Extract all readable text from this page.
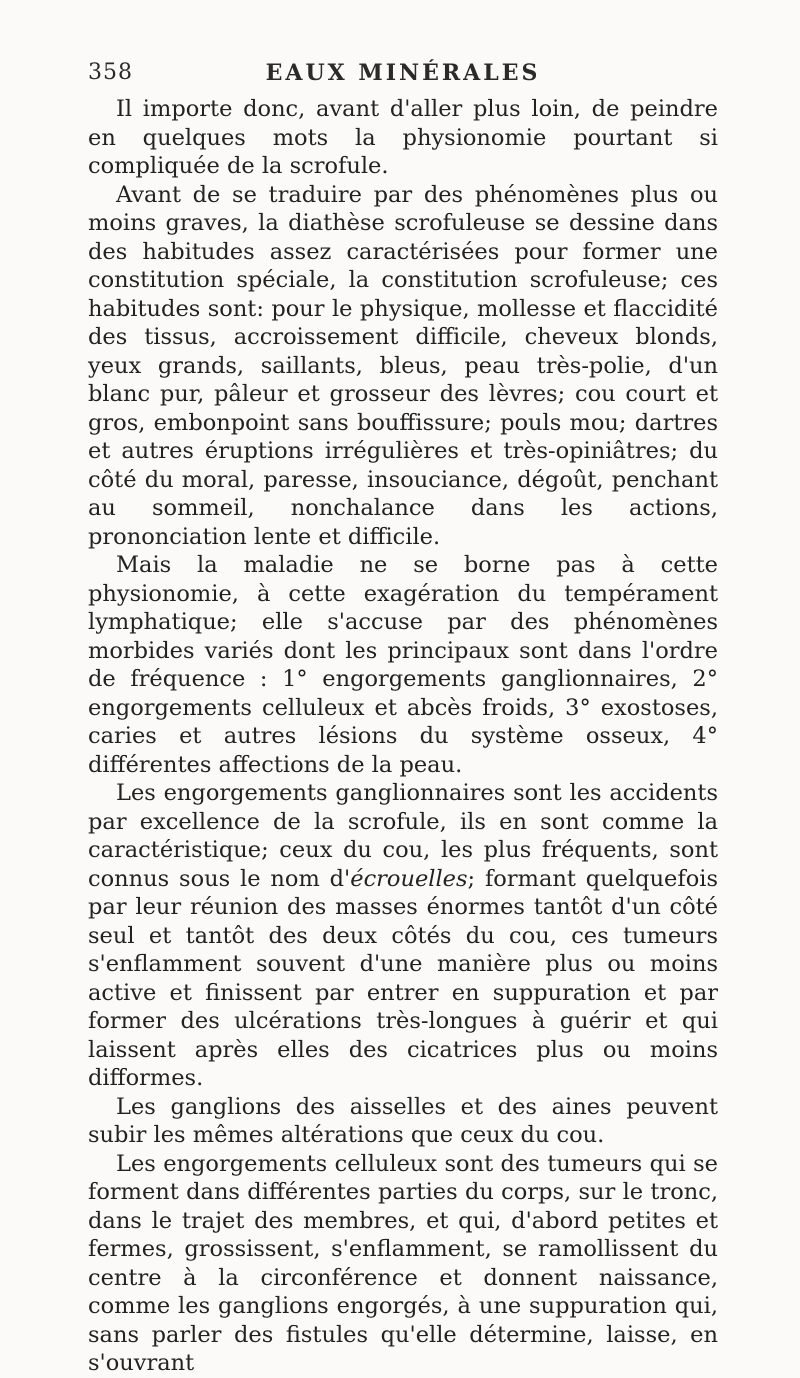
358	EAUX MINÉRALES

Il importe donc, avant d'aller plus loin, de peindre en quelques mots la physionomie pourtant si compliquée de la scrofule.

Avant de se traduire par des phénomènes plus ou moins graves, la diathèse scrofuleuse se dessine dans des habitudes assez caractérisées pour former une constitution spéciale, la constitution scrofuleuse; ces habitudes sont: pour le physique, mollesse et flaccidité des tissus, accroissement difficile, cheveux blonds, yeux grands, saillants, bleus, peau très-polie, d'un blanc pur, pâleur et grosseur des lèvres; cou court et gros, embonpoint sans bouffissure; pouls mou; dartres et autres éruptions irrégulières et très-opiniâtres; du côté du moral, paresse, insouciance, dégoût, penchant au sommeil, nonchalance dans les actions, prononciation lente et difficile.

Mais la maladie ne se borne pas à cette physionomie, à cette exagération du tempérament lymphatique; elle s'accuse par des phénomènes morbides variés dont les principaux sont dans l'ordre de fréquence : 1° engorgements ganglionnaires, 2° engorgements celluleux et abcès froids, 3° exostoses, caries et autres lésions du système osseux, 4° différentes affections de la peau.

Les engorgements ganglionnaires sont les accidents par excellence de la scrofule, ils en sont comme la caractéristique; ceux du cou, les plus fréquents, sont connus sous le nom d'écrouelles; formant quelquefois par leur réunion des masses énormes tantôt d'un côté seul et tantôt des deux côtés du cou, ces tumeurs s'enflamment souvent d'une manière plus ou moins active et finissent par entrer en suppuration et par former des ulcérations très-longues à guérir et qui laissent après elles des cicatrices plus ou moins difformes.

Les ganglions des aisselles et des aines peuvent subir les mêmes altérations que ceux du cou.

Les engorgements celluleux sont des tumeurs qui se forment dans différentes parties du corps, sur le tronc, dans le trajet des membres, et qui, d'abord petites et fermes, grossissent, s'enflamment, se ramollissent du centre à la circonférence et donnent naissance, comme les ganglions engorgés, à une suppuration qui, sans parler des fistules qu'elle détermine, laisse, en s'ouvrant
